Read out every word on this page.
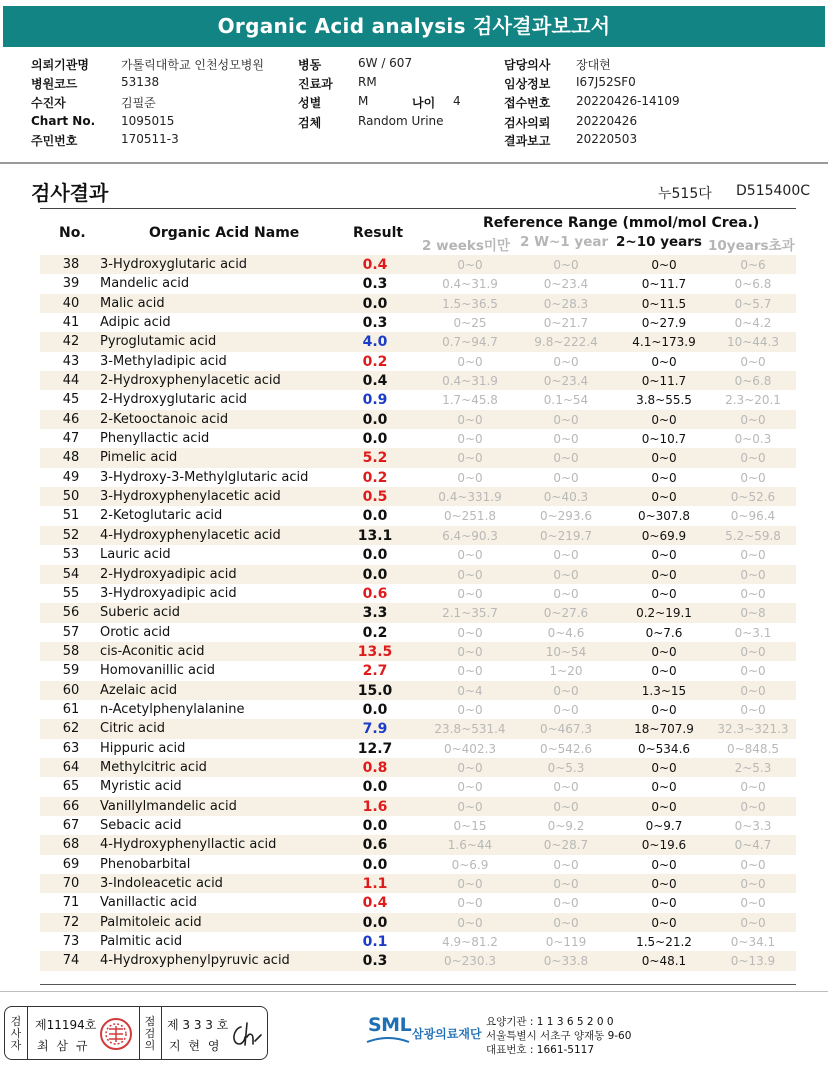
Organic Acid analysis 검사결과보고서
의뢰기관명	가톨릭대학교 인천성모병원	병동	6W / 607	담당의사 장대현
병원코드	53138	진료과 RM	임상정보 I67J52SF0
수진자	김필준	성별	M	나이 4	접수번호 20220426-14109
Chart No. 1095015	검체	Random Urine	검사의뢰 20220426
주민번호	170511-3	결과보고 20220503
검사결과	누515다 D515400C
No.	Organic Acid Name	Result
Reference Range (mmol/mol Crea.)
2 weeks미만 2 W~1 year 2~10 years 10years초과
38	3-Hydroxyglutaric acid	0.4	0~0	0~0	0~0	0~6
39	Mandelic acid	0.3	0.4~31.9	0~23.4	0~11.7	0~6.8
40	Malic acid	0.0	1.5~36.5	0~28.3	0~11.5	0~5.7
41	Adipic acid	0.3	0~25	0~21.7	0~27.9	0~4.2
42	Pyroglutamic acid	4.0	0.7~94.7	9.8~222.4	4.1~173.9	10~44.3
43	3-Methyladipic acid	0.2	0~0	0~0	0~0	0~0
44	2-Hydroxyphenylacetic acid	0.4	0.4~31.9	0~23.4	0~11.7	0~6.8
45	2-Hydroxyglutaric acid	0.9	1.7~45.8	0.1~54	3.8~55.5	2.3~20.1
46	2-Ketooctanoic acid	0.0	0~0	0~0	0~0	0~0
47	Phenyllactic acid	0.0	0~0	0~0	0~10.7	0~0.3
48	Pimelic acid	5.2	0~0	0~0	0~0	0~0
49	3-Hydroxy-3-Methylglutaric acid	0.2	0~0	0~0	0~0	0~0
50	3-Hydroxyphenylacetic acid	0.5	0.4~331.9	0~40.3	0~0	0~52.6
51	2-Ketoglutaric acid	0.0	0~251.8	0~293.6	0~307.8	0~96.4
52	4-Hydroxyphenylacetic acid	13.1	6.4~90.3	0~219.7	0~69.9	5.2~59.8
53	Lauric acid	0.0	0~0	0~0	0~0	0~0
54	2-Hydroxyadipic acid	0.0	0~0	0~0	0~0	0~0
55	3-Hydroxyadipic acid	0.6	0~0	0~0	0~0	0~0
56	Suberic acid	3.3	2.1~35.7	0~27.6	0.2~19.1	0~8
57	Orotic acid	0.2	0~0	0~4.6	0~7.6	0~3.1
58	cis-Aconitic acid	13.5	0~0	10~54	0~0	0~0
59	Homovanillic acid	2.7	0~0	1~20	0~0	0~0
60	Azelaic acid	15.0	0~4	0~0	1.3~15	0~0
61	n-Acetylphenylalanine	0.0	0~0	0~0	0~0	0~0
62	Citric acid	7.9	23.8~531.4	0~467.3	18~707.9	32.3~321.3
63	Hippuric acid	12.7	0~402.3	0~542.6	0~534.6	0~848.5
64	Methylcitric acid	0.8	0~0	0~5.3	0~0	2~5.3
65	Myristic acid	0.0	0~0	0~0	0~0	0~0
66	Vanillylmandelic acid	1.6	0~0	0~0	0~0	0~0
67	Sebacic acid	0.0	0~15	0~9.2	0~9.7	0~3.3
68	4-Hydroxyphenyllactic acid	0.6	1.6~44	0~28.7	0~19.6	0~4.7
69	Phenobarbital	0.0	0~6.9	0~0	0~0	0~0
70	3-Indoleacetic acid	1.1	0~0	0~0	0~0	0~0
71	Vanillactic acid	0.4	0~0	0~0	0~0	0~0
72	Palmitoleic acid	0.0	0~0	0~0	0~0	0~0
73	Palmitic acid	0.1	4.9~81.2	0~119	1.5~21.2	0~34.1
74	4-Hydroxyphenylpyruvic acid	0.3	0~230.3	0~33.8	0~48.1	0~13.9
검사자
제11194호
최 삼 규
점검의
제 3 3 3 호
지 현 영
SML 삼광의료재단
요양기관 : 1 1 3 6 5 2 0 0
서울특별시 서초구 양재동 9-60
대표번호 : 1661-5117
